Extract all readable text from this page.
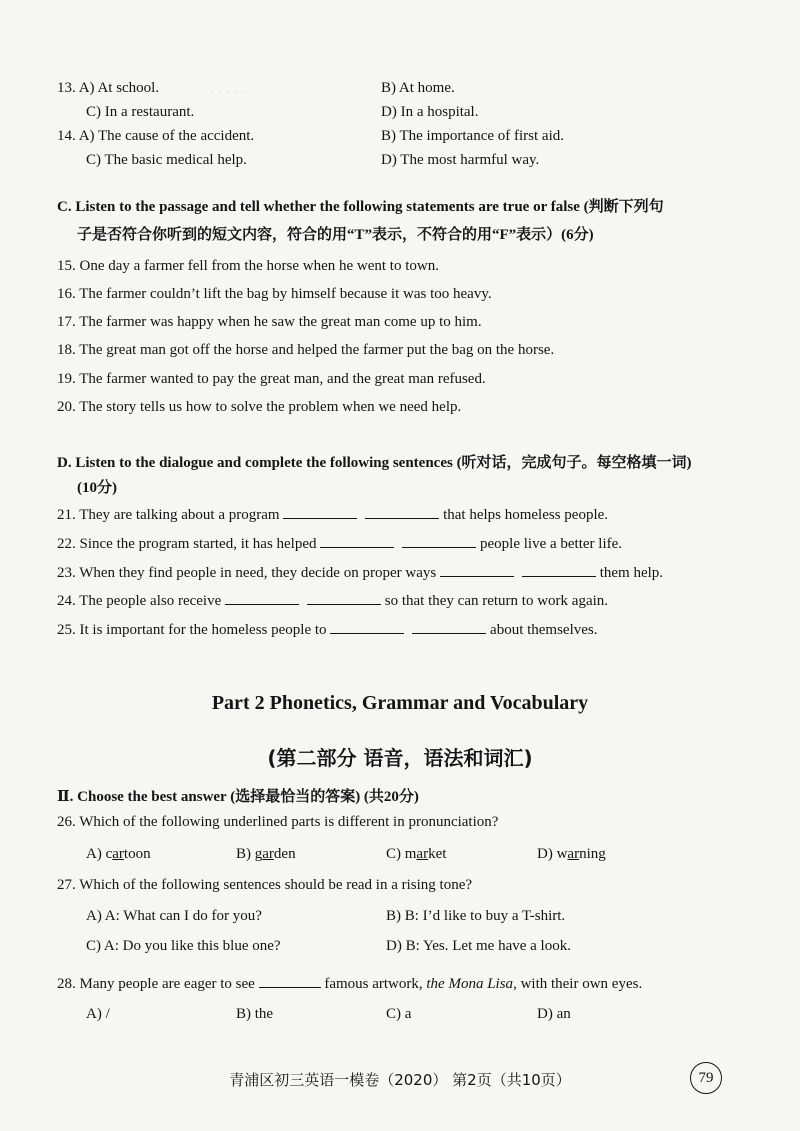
· · · · ·
13. A) At school.	B) At home.
C) In a restaurant.	D) In a hospital.
14. A) The cause of the accident.	B) The importance of first aid.
C) The basic medical help.	D) The most harmful way.
C. Listen to the passage and tell whether the following statements are true or false (判断下列句
子是否符合你听到的短文内容，符合的用“T”表示，不符合的用“F”表示）(6分)
15. One day a farmer fell from the horse when he went to town.
16. The farmer couldn’t lift the bag by himself because it was too heavy.
17. The farmer was happy when he saw the great man come up to him.
18. The great man got off the horse and helped the farmer put the bag on the horse.
19. The farmer wanted to pay the great man, and the great man refused.
20. The story tells us how to solve the problem when we need help.
D. Listen to the dialogue and complete the following sentences (听对话，完成句子。每空格填一词)
(10分)
21. They are talking about a program	that helps homeless people.
22. Since the program started, it has helped	people live a better life.
23. When they find people in need, they decide on proper ways	them help.
24. The people also receive	so that they can return to work again.
25. It is important for the homeless people to	about themselves.
Part 2 Phonetics, Grammar and Vocabulary
(第二部分 语音，语法和词汇)
Ⅱ. Choose the best answer (选择最恰当的答案) (共20分)
26. Which of the following underlined parts is different in pronunciation?
A) cartoon	B) garden	C) market	D) warning
27. Which of the following sentences should be read in a rising tone?
A) A: What can I do for you?	B) B: I’d like to buy a T-shirt.
C) A: Do you like this blue one?	D) B: Yes. Let me have a look.
28. Many people are eager to see	famous artwork, the Mona Lisa, with their own eyes.
A) /	B) the	C) a	D) an
青浦区初三英语一模卷（2020） 第2页（共10页）	79
